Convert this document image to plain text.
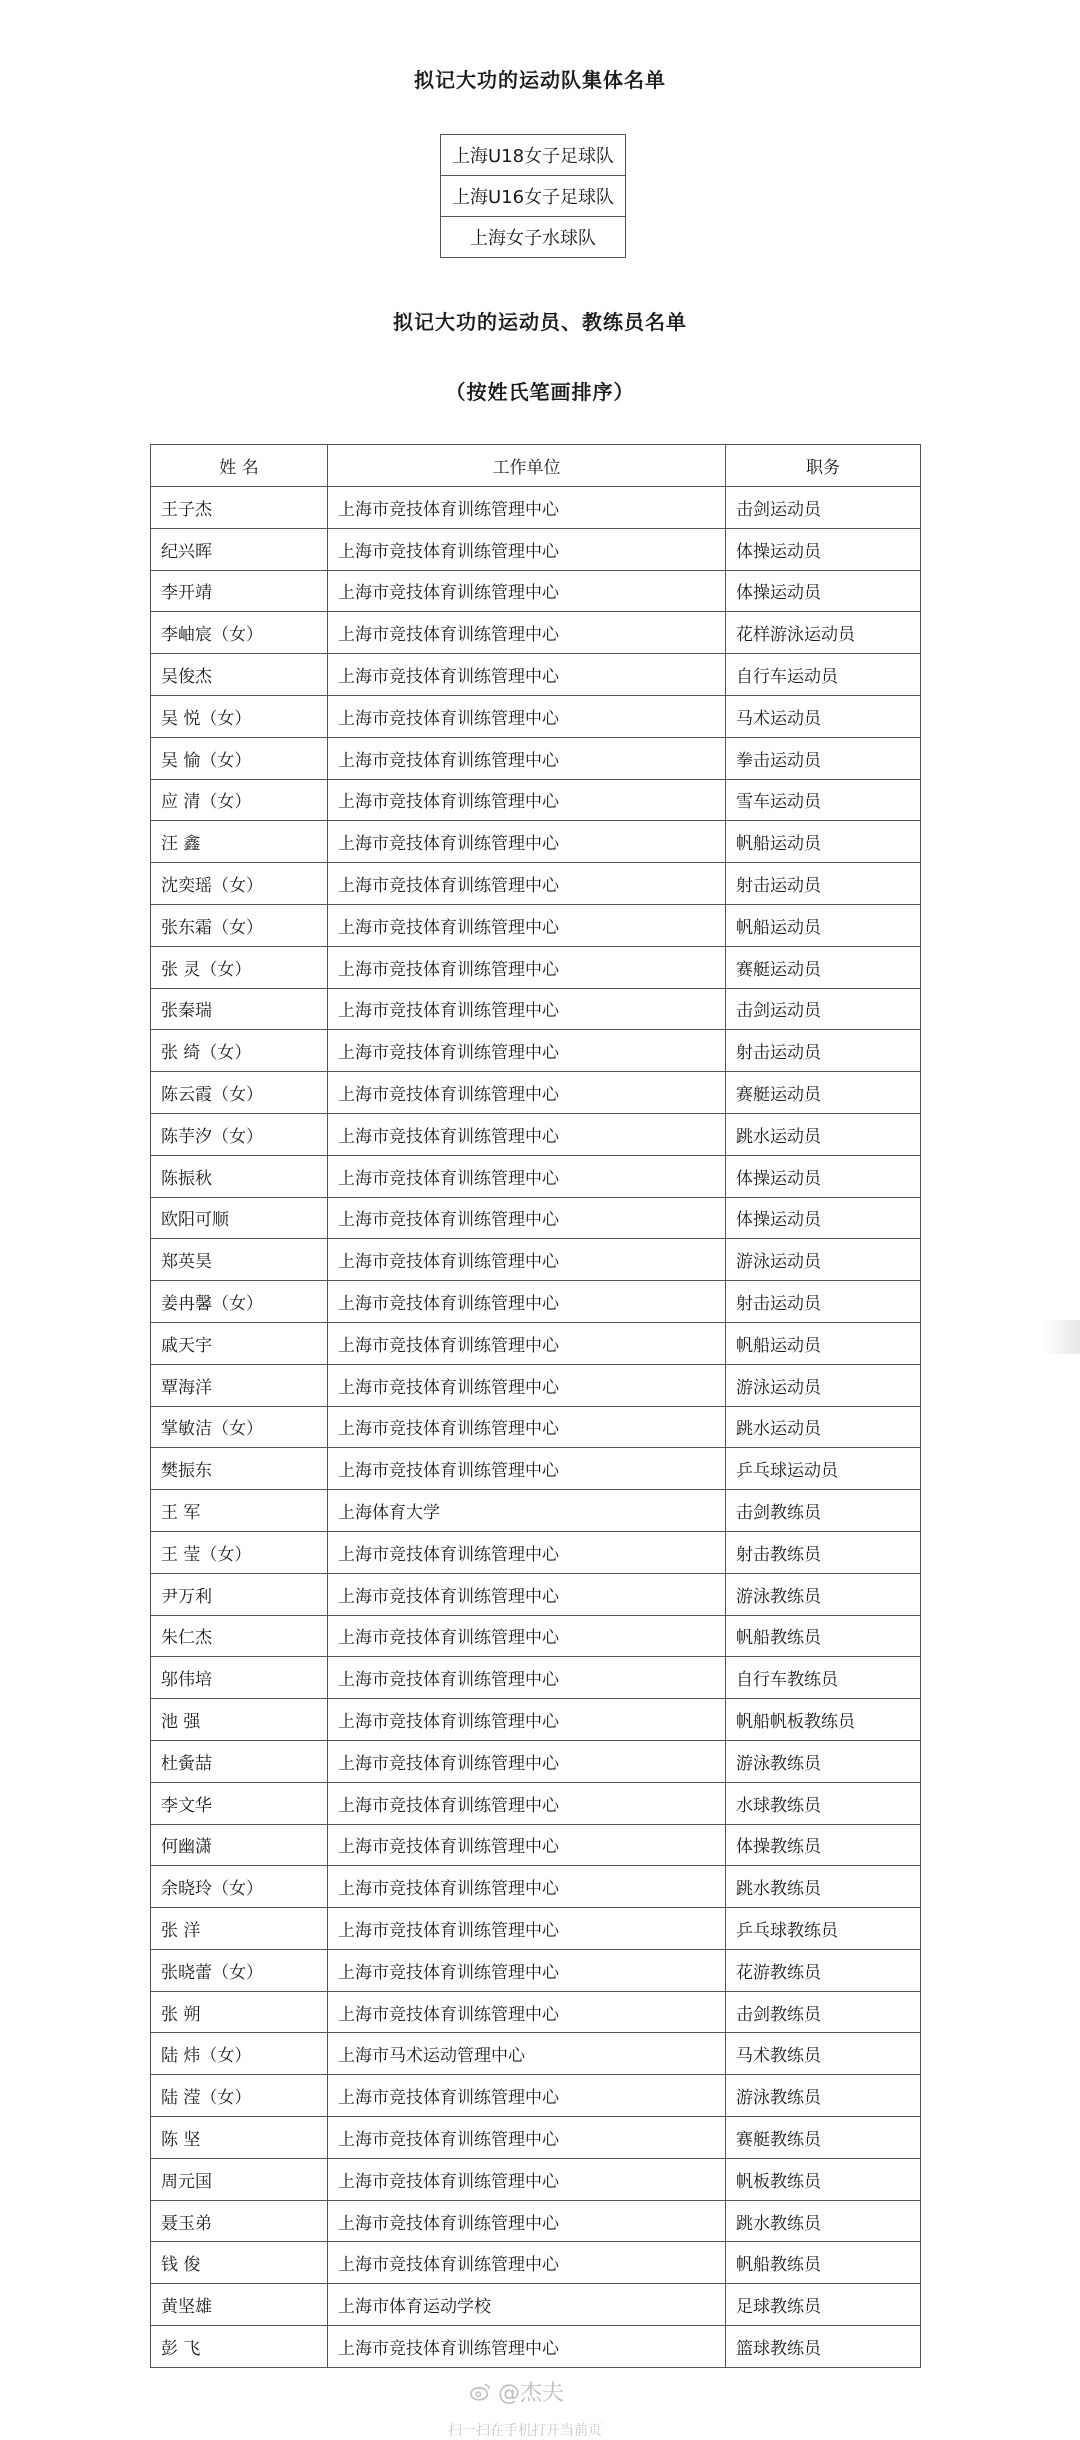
拟记大功的运动队集体名单
上海U18女子足球队
上海U16女子足球队
上海女子水球队
拟记大功的运动员、教练员名单
（按姓氏笔画排序）
姓 名	工作单位	职务
王子杰	上海市竞技体育训练管理中心	击剑运动员
纪兴晖	上海市竞技体育训练管理中心	体操运动员
李开靖	上海市竞技体育训练管理中心	体操运动员
李岫宸（女）	上海市竞技体育训练管理中心	花样游泳运动员
吴俊杰	上海市竞技体育训练管理中心	自行车运动员
吴 悦（女）	上海市竞技体育训练管理中心	马术运动员
吴 愉（女）	上海市竞技体育训练管理中心	拳击运动员
应 清（女）	上海市竞技体育训练管理中心	雪车运动员
汪 鑫	上海市竞技体育训练管理中心	帆船运动员
沈奕瑶（女）	上海市竞技体育训练管理中心	射击运动员
张东霜（女）	上海市竞技体育训练管理中心	帆船运动员
张 灵（女）	上海市竞技体育训练管理中心	赛艇运动员
张秦瑞	上海市竞技体育训练管理中心	击剑运动员
张 绮（女）	上海市竞技体育训练管理中心	射击运动员
陈云霞（女）	上海市竞技体育训练管理中心	赛艇运动员
陈芋汐（女）	上海市竞技体育训练管理中心	跳水运动员
陈振秋	上海市竞技体育训练管理中心	体操运动员
欧阳可顺	上海市竞技体育训练管理中心	体操运动员
郑英昊	上海市竞技体育训练管理中心	游泳运动员
姜冉馨（女）	上海市竞技体育训练管理中心	射击运动员
戚天宇	上海市竞技体育训练管理中心	帆船运动员
覃海洋	上海市竞技体育训练管理中心	游泳运动员
掌敏洁（女）	上海市竞技体育训练管理中心	跳水运动员
樊振东	上海市竞技体育训练管理中心	乒乓球运动员
王 军	上海体育大学	击剑教练员
王 莹（女）	上海市竞技体育训练管理中心	射击教练员
尹万利	上海市竞技体育训练管理中心	游泳教练员
朱仁杰	上海市竞技体育训练管理中心	帆船教练员
邬伟培	上海市竞技体育训练管理中心	自行车教练员
池 强	上海市竞技体育训练管理中心	帆船帆板教练员
杜夤喆	上海市竞技体育训练管理中心	游泳教练员
李文华	上海市竞技体育训练管理中心	水球教练员
何幽潇	上海市竞技体育训练管理中心	体操教练员
余晓玲（女）	上海市竞技体育训练管理中心	跳水教练员
张 洋	上海市竞技体育训练管理中心	乒乓球教练员
张晓蕾（女）	上海市竞技体育训练管理中心	花游教练员
张 朔	上海市竞技体育训练管理中心	击剑教练员
陆 炜（女）	上海市马术运动管理中心	马术教练员
陆 滢（女）	上海市竞技体育训练管理中心	游泳教练员
陈 坚	上海市竞技体育训练管理中心	赛艇教练员
周元国	上海市竞技体育训练管理中心	帆板教练员
聂玉弟	上海市竞技体育训练管理中心	跳水教练员
钱 俊	上海市竞技体育训练管理中心	帆船教练员
黄坚雄	上海市体育运动学校	足球教练员
彭 飞	上海市竞技体育训练管理中心	篮球教练员
@杰夫
扫一扫在手机打开当前页
